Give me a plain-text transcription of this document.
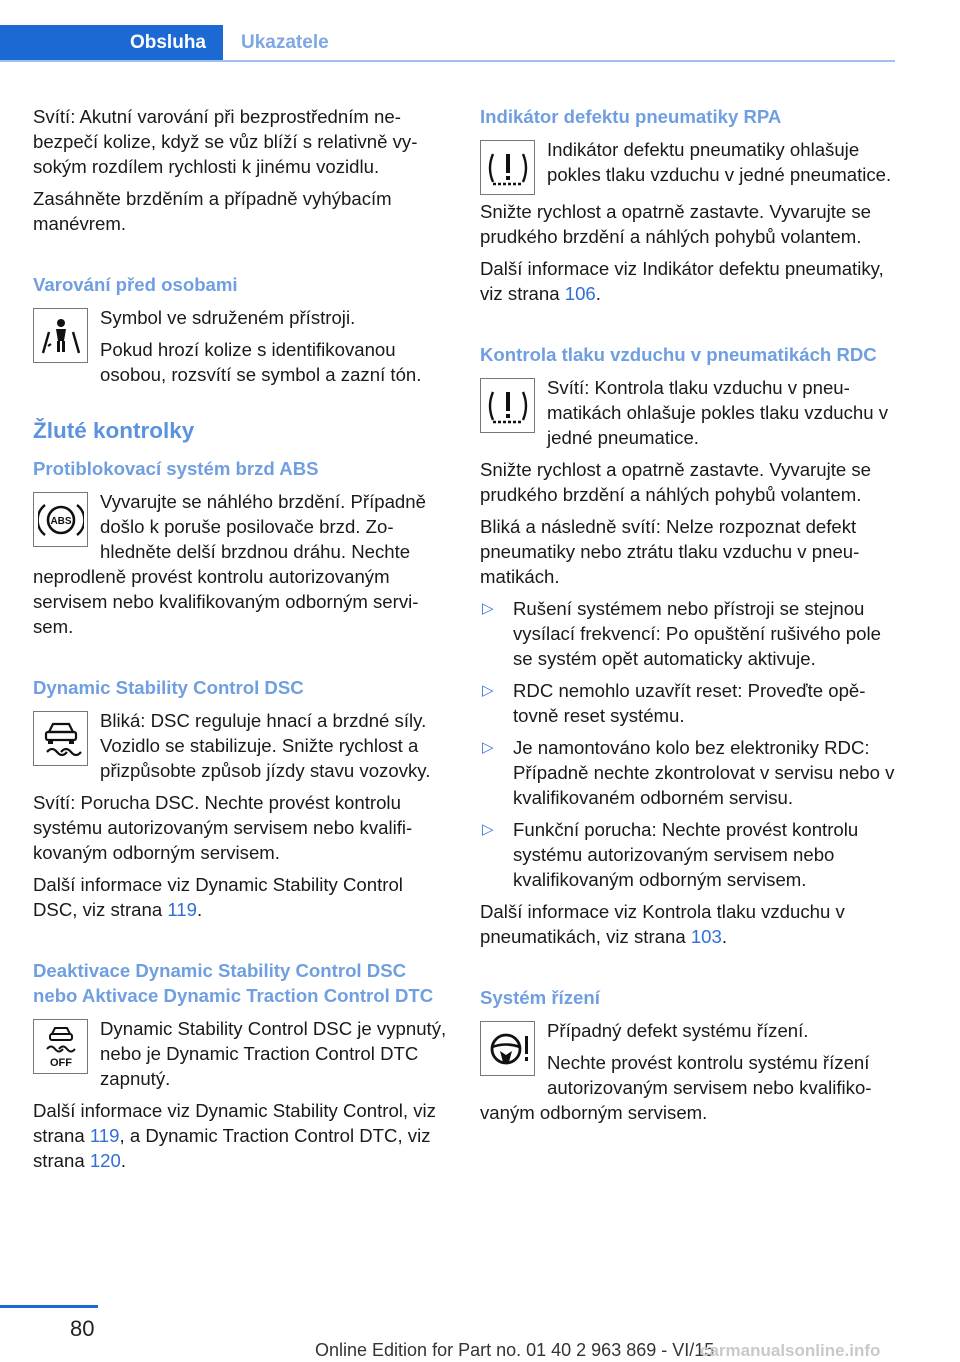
Obsluha	Ukazatele

Svítí: Akutní varování při bezprostředním nebezpečí kolize, když se vůz blíží s relativně vysokým rozdílem rychlosti k jinému vozidlu.

Zasáhněte brzděním a případně vyhýbacím manévrem.

Varování před osobami

Symbol ve sdruženém přístroji.

Pokud hrozí kolize s identifikovanou osobou, rozsvítí se symbol a zazní tón.

Žluté kontrolky
Protiblokovací systém brzd ABS
ABS

Vyvarujte se náhlého brzdění. Případně došlo k poruše posilovače brzd. Zohledněte delší brzdnou dráhu. Nechte neprodleně provést kontrolu autorizovaným servisem nebo kvalifikovaným odborným servisem.

Dynamic Stability Control DSC

Bliká: DSC reguluje hnací a brzdné síly. Vozidlo se stabilizuje. Snižte rychlost a přizpůsobte způsob jízdy stavu vozovky.

Svítí: Porucha DSC. Nechte provést kontrolu systému autorizovaným servisem nebo kvalifikovaným odborným servisem.

Další informace viz Dynamic Stability Control DSC, viz strana 119.

Deaktivace Dynamic Stability Control DSC nebo Aktivace Dynamic Traction Control DTC
OFF

Dynamic Stability Control DSC je vypnutý, nebo je Dynamic Traction Control DTC zapnutý.

Další informace viz Dynamic Stability Control, viz strana 119, a Dynamic Traction Control DTC, viz strana 120.

Indikátor defektu pneumatiky RPA

Indikátor defektu pneumatiky ohlašuje pokles tlaku vzduchu v jedné pneumatice.

Snižte rychlost a opatrně zastavte. Vyvarujte se prudkého brzdění a náhlých pohybů volantem.

Další informace viz Indikátor defektu pneumatiky, viz strana 106.

Kontrola tlaku vzduchu v pneumatikách RDC

Svítí: Kontrola tlaku vzduchu v pneumatikách ohlašuje pokles tlaku vzduchu v jedné pneumatice.

Snižte rychlost a opatrně zastavte. Vyvarujte se prudkého brzdění a náhlých pohybů volantem.

Bliká a následně svítí: Nelze rozpoznat defekt pneumatiky nebo ztrátu tlaku vzduchu v pneumatikách.

▷ Rušení systémem nebo přístroji se stejnou vysílací frekvencí: Po opuštění rušivého pole se systém opět automaticky aktivuje.
▷ RDC nemohlo uzavřít reset: Proveďte opětovně reset systému.
▷ Je namontováno kolo bez elektroniky RDC: Případně nechte zkontrolovat v servisu nebo v kvalifikovaném odborném servisu.
▷ Funkční porucha: Nechte provést kontrolu systému autorizovaným servisem nebo kvalifikovaným odborným servisem.

Další informace viz Kontrola tlaku vzduchu v pneumatikách, viz strana 103.

Systém řízení

Případný defekt systému řízení.

Nechte provést kontrolu systému řízení autorizovaným servisem nebo kvalifikovaným odborným servisem.

80
Online Edition for Part no. 01 40 2 963 869 - VI/15
carmanualsonline.info
